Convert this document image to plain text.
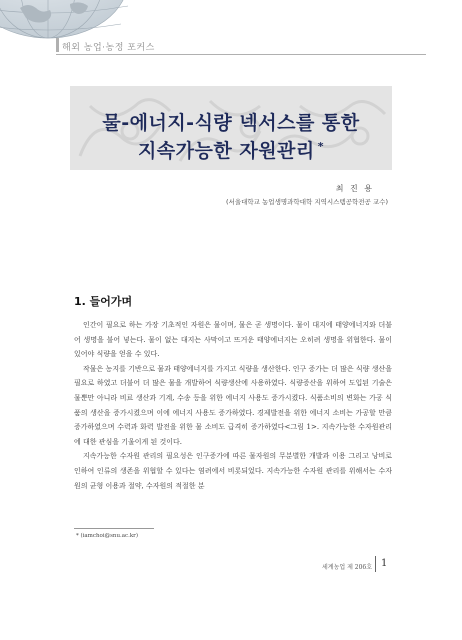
해외 농업·농정 포커스
물-에너지-식량 넥서스를 통한
지속가능한 자원관리 *
최 진 용
(서울대학교 농업생명과학대학 지역시스템공학전공 교수)
1. 들어가며

인간이 필요로 하는 가장 기초적인 자원은 물이며, 물은 곧 생명이다. 물이 대지에 태양에너지와 더불어 생명을 불어 넣는다. 물이 없는 대지는 사막이고 뜨거운 태양에너지는 오히려 생명을 위협한다. 물이 있어야 식량을 얻을 수 있다.

작물은 농지를 기반으로 물과 태양에너지를 가지고 식량을 생산한다. 인구 증가는 더 많은 식량 생산을 필요로 하였고 더불어 더 많은 물을 개발하여 식량생산에 사용하였다. 식량증산을 위하여 도입된 기술은 물뿐만 아니라 비료 생산과 기계, 수송 등을 위한 에너지 사용도 증가시켰다. 식품소비의 변화는 가공 식품의 생산을 증가시켰으며 이에 에너지 사용도 증가하였다. 경제발전을 위한 에너지 소비는 가공할 만큼 증가하였으며 수력과 화력 발전을 위한 물 소비도 급격히 증가하였다<그림 1>. 지속가능한 수자원관리에 대한 관심을 기울이게 된 것이다.

지속가능한 수자원 관리의 필요성은 인구증가에 따른 물자원의 무분별한 개발과 이용 그리고 낭비로 인하여 인류의 생존을 위협할 수 있다는 염려에서 비롯되었다. 지속가능한 수자원 관리를 위해서는 수자원의 균형 이용과 절약, 수자원의 적절한 분

* (iamchoi@snu.ac.kr)
세계농업 제 206호 1
